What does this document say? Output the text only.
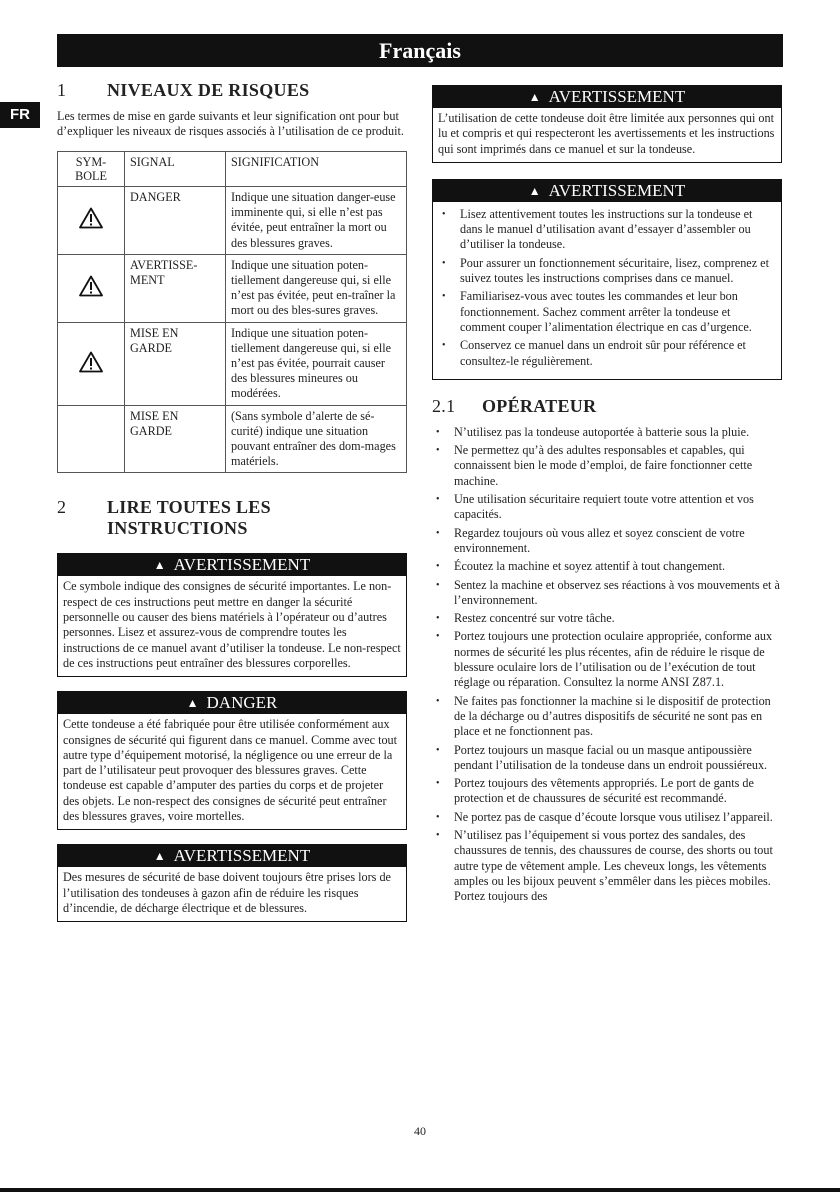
Français
FR
1	NIVEAUX DE RISQUES

Les termes de mise en garde suivants et leur signification ont pour but d’expliquer les niveaux de risques associés à l’utilisation de ce produit.

SYM-BOLE	SIGNAL	SIGNIFICATION
	DANGER	Indique une situation danger-euse imminente qui, si elle n’est pas évitée, peut entraîner la mort ou des blessures graves.
	AVERTISSE-MENT	Indique une situation poten-tiellement dangereuse qui, si elle n’est pas évitée, peut en-traîner la mort ou des bles-sures graves.
	MISE EN GARDE	Indique une situation poten-tiellement dangereuse qui, si elle n’est pas évitée, pourrait causer des blessures mineures ou modérées.
	MISE EN GARDE	(Sans symbole d’alerte de sé-curité) indique une situation pouvant entraîner des dom-mages matériels.
2	LIRE TOUTES LES INSTRUCTIONS
▲ AVERTISSEMENT
Ce symbole indique des consignes de sécurité importantes. Le non-respect de ces instructions peut mettre en danger la sécurité personnelle ou causer des biens matériels à l’opérateur ou d’autres personnes. Lisez et assurez-vous de comprendre toutes les instructions de ce manuel avant d’utiliser la tondeuse. Le non-respect de ces instructions peut entraîner des blessures corporelles.
▲ DANGER
Cette tondeuse a été fabriquée pour être utilisée conformément aux consignes de sécurité qui figurent dans ce manuel. Comme avec tout autre type d’équipement motorisé, la négligence ou une erreur de la part de l’utilisateur peut provoquer des blessures graves. Cette tondeuse est capable d’amputer des parties du corps et de projeter des objets. Le non-respect des consignes de sécurité peut entraîner des blessures graves, voire mortelles.
▲ AVERTISSEMENT
Des mesures de sécurité de base doivent toujours être prises lors de l’utilisation des tondeuses à gazon afin de réduire les risques d’incendie, de décharge électrique et de blessures.
▲ AVERTISSEMENT
L’utilisation de cette tondeuse doit être limitée aux personnes qui ont lu et compris et qui respecteront les avertissements et les instructions qui sont imprimés dans ce manuel et sur la tondeuse.
▲ AVERTISSEMENT
• Lisez attentivement toutes les instructions sur la tondeuse et dans le manuel d’utilisation avant d’essayer d’assembler ou d’utiliser la tondeuse.
• Pour assurer un fonctionnement sécuritaire, lisez, comprenez et suivez toutes les instructions comprises dans ce manuel.
• Familiarisez-vous avec toutes les commandes et leur bon fonctionnement. Sachez comment arrêter la tondeuse et comment couper l’alimentation électrique en cas d’urgence.
• Conservez ce manuel dans un endroit sûr pour référence et consultez-le régulièrement.
2.1	OPÉRATEUR
• N’utilisez pas la tondeuse autoportée à batterie sous la pluie.
• Ne permettez qu’à des adultes responsables et capables, qui connaissent bien le mode d’emploi, de faire fonctionner cette machine.
• Une utilisation sécuritaire requiert toute votre attention et vos capacités.
• Regardez toujours où vous allez et soyez conscient de votre environnement.
• Écoutez la machine et soyez attentif à tout changement.
• Sentez la machine et observez ses réactions à vos mouvements et à l’environnement.
• Restez concentré sur votre tâche.
• Portez toujours une protection oculaire appropriée, conforme aux normes de sécurité les plus récentes, afin de réduire le risque de blessure oculaire lors de l’utilisation ou de l’exécution de tout réglage ou réparation. Consultez la norme ANSI Z87.1.
• Ne faites pas fonctionner la machine si le dispositif de protection de la décharge ou d’autres dispositifs de sécurité ne sont pas en place et ne fonctionnent pas.
• Portez toujours un masque facial ou un masque antipoussière pendant l’utilisation de la tondeuse dans un endroit poussiéreux.
• Portez toujours des vêtements appropriés. Le port de gants de protection et de chaussures de sécurité est recommandé.
• Ne portez pas de casque d’écoute lorsque vous utilisez l’appareil.
• N’utilisez pas l’équipement si vous portez des sandales, des chaussures de tennis, des chaussures de course, des shorts ou tout autre type de vêtement ample. Les cheveux longs, les vêtements amples ou les bijoux peuvent s’emmêler dans les pièces mobiles. Portez toujours des
40
